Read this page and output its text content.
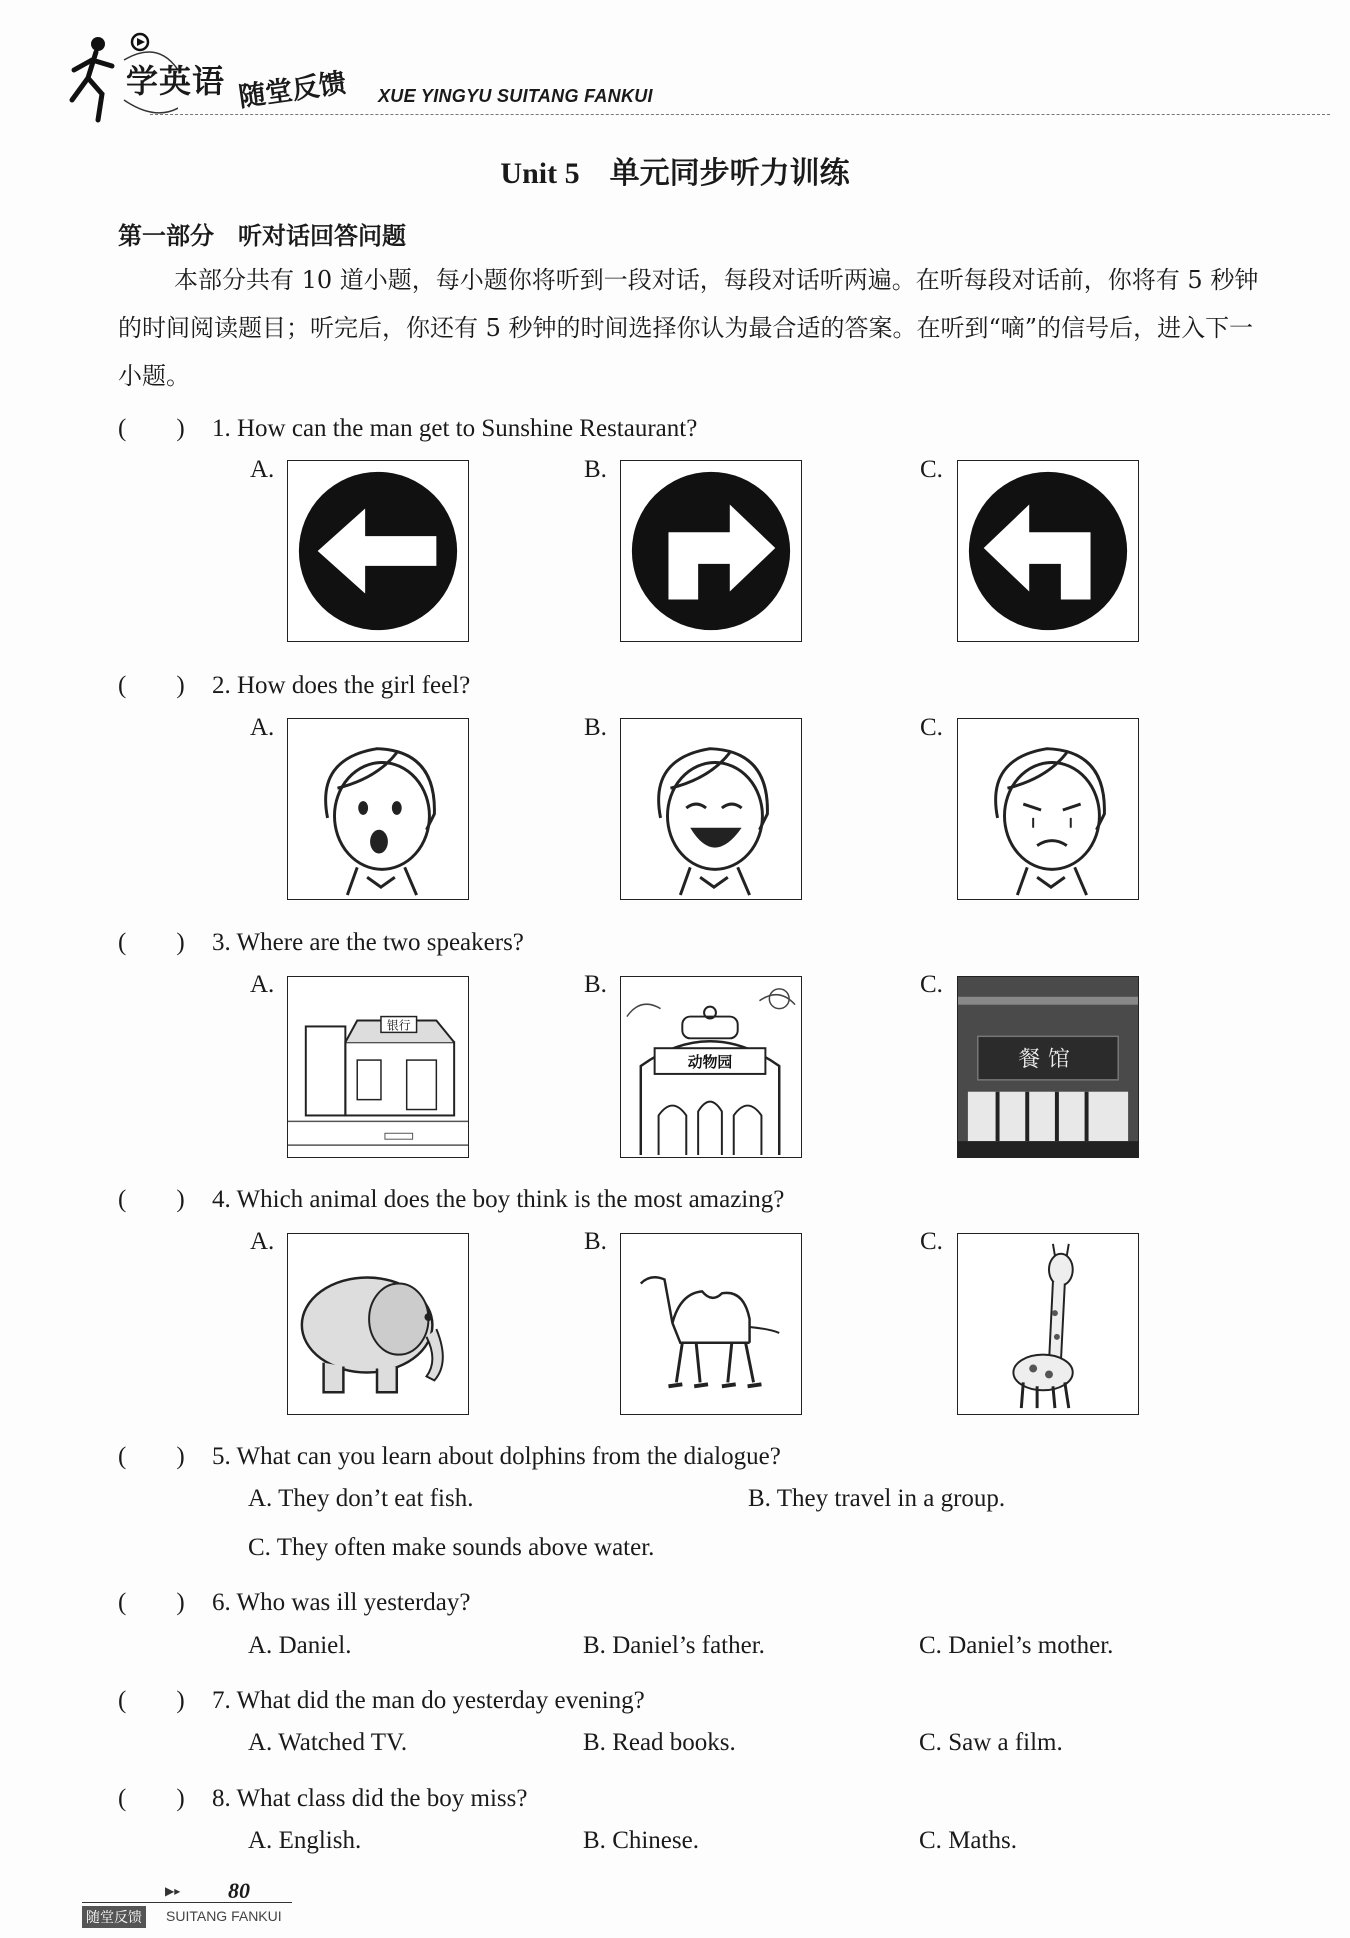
学英语 随堂反馈 XUE YINGYU SUITANG FANKUI
Unit 5　单元同步听力训练
第一部分　听对话回答问题
本部分共有 10 道小题，每小题你将听到一段对话，每段对话听两遍。在听每段对话前，你将有 5 秒钟的时间阅读题目；听完后，你还有 5 秒钟的时间选择你认为最合适的答案。在听到“嘀”的信号后，进入下一小题。
(　　) 1. How can the man get to Sunshine Restaurant?
A.	B.	C.
(　　) 2. How does the girl feel?
A.	B.	C.
(　　) 3. Where are the two speakers?
A.
银行
B.
动物园
C.
餐馆
(　　) 4. Which animal does the boy think is the most amazing?
A.	B.	C.
(　　) 5. What can you learn about dolphins from the dialogue?
A. They don’t eat fish.	B. They travel in a group.
C. They often make sounds above water.
(　　) 6. Who was ill yesterday?
A. Daniel.	B. Daniel’s father.	C. Daniel’s mother.
(　　) 7. What did the man do yesterday evening?
A. Watched TV.	B. Read books.	C. Saw a film.
(　　) 8. What class did the boy miss?
A. English.	B. Chinese.	C. Maths.
▶▸ 80
随堂反馈 SUITANG FANKUI
